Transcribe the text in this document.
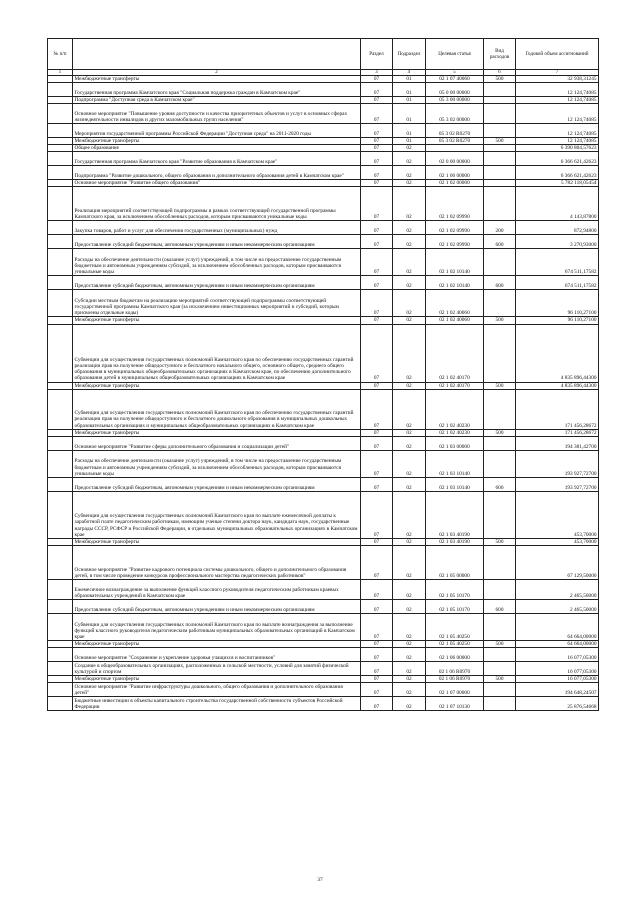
№ п/п		Раздел	Подраздел	Целевая статья	Вид расходов	Годовой объем ассигнований
1	2	3	4	5	6	7
	Межбюджетные трансферты	07	01	02 1 07 40060	500	32 938,31245
	Государственная программа Камчатского края "Социальная поддержка граждан в Камчатском крае"	07	01	05 0 00 00000		12 124,74085
	Подпрограмма "Доступная среда в Камчатском крае"	07	01	05 3 00 00000		12 124,74085
	Основное мероприятие "Повышение уровня доступности и качества приоритетных объектов и услуг в основных сферах жизнедеятельности инвалидов и других маломобильных групп населения"	07	01	05 3 02 00000		12 124,74085
	Мероприятия государственной программы Российской Федерации "Доступная среда" на 2011-2020 годы	07	01	05 3 02 R0270		12 124,74085
	Межбюджетные трансферты	07	01	05 3 02 R0270	500	12 124,74085
	Общее образование	07	02			6 390 804,57623
	Государственная программа Камчатского края "Развитие образования в Камчатском крае"	07	02	02 0 00 00000		6 366 621,42623
	Подпрограмма "Развитие дошкольного, общего образования и дополнительного образования детей в Камчатском крае"	07	02	02 1 00 00000		6 366 621,42623
	Основное мероприятие "Развитие общего образования"	07	02	02 1 02 00000		5 782 118,05454
	Реализация мероприятий соответствующей подпрограммы в рамках соответствующей государственной программы Камчатского края, за исключением обособленных расходов, которым присваиваются уникальные коды	07	02	02 1 02 09990		4 143,87800
	Закупка товаров, работ и услуг для обеспечения государственных (муниципальных) нужд	07	02	02 1 02 09990	200	872,94800
	Предоставление субсидий бюджетным, автономным учреждениям и иным некоммерческим организациям	07	02	02 1 02 09990	600	3 270,93000
	Расходы на обеспечение деятельности (оказание услуг) учреждений, в том числе на предоставление государственным бюджетным и автономным учреждениям субсидий, за исключением обособленных расходов, которым присваиваются уникальные коды	07	02	02 1 02 10140		674 511,17582
	Предоставление субсидий бюджетным, автономным учреждениям и иным некоммерческим организациям	07	02	02 1 02 10140	600	674 511,17582
	Субсидии местным бюджетам на реализацию мероприятий соответствующей подпрограммы соответствующей государственной программы Камчатского края (за исключением инвестиционных мероприятий и субсидий, которым присвоены отдельные коды)	07	02	02 1 02 40060		96 110,27100
	Межбюджетные трансферты	07	02	02 1 02 40060	500	96 110,27100
	Субвенции для осуществления государственных полномочий Камчатского края по обеспечению государственных гарантий реализации прав на получение общедоступного и бесплатного начального общего, основного общего, среднего общего образования в муниципальных общеобразовательных организациях в Камчатском крае, по обеспечению дополнительного образования детей в муниципальных общеобразовательных организациях в Камчатском крае	07	02	02 1 02 40170		4 835 896,44300
	Межбюджетные трансферты	07	02	02 1 02 40170	500	4 835 896,44300
	Субвенции для осуществления государственных полномочий Камчатского края по обеспечению государственных гарантий реализации прав на получение общедоступного и бесплатного дошкольного образования в муниципальных дошкольных образовательных организациях и муниципальных общеобразовательных организациях в Камчатском крае	07	02	02 1 02 40230		171 456,28672
	Межбюджетные трансферты	07	02	02 1 02 40230	500	171 456,28672
	Основное мероприятие "Развитие сферы дополнительного образования и социализации детей"	07	02	02 1 03 00000		194 381,42700
	Расходы на обеспечение деятельности (оказание услуг) учреждений, в том числе на предоставление государственным бюджетным и автономным учреждениям субсидий, за исключением обособленных расходов, которым присваиваются уникальные коды	07	02	02 1 03 10140		193 927,72700
	Предоставление субсидий бюджетным, автономным учреждениям и иным некоммерческим организациям	07	02	02 1 03 10140	600	193 927,72700
	Субвенции для осуществления государственных полномочий Камчатского края по выплате ежемесячной доплаты к заработной плате педагогическим работникам, имеющим ученые степени доктора наук, кандидата наук, государственные награды СССР, РСФСР и Российской Федерации, в отдельных муниципальных образовательных организациях в Камчатском крае	07	02	02 1 03 40190		453,70000
	Межбюджетные трансферты	07	02	02 1 03 40190	500	453,70000
	Основное мероприятие "Развитие кадрового потенциала системы дошкольного, общего и дополнительного образования детей, в том числе проведение конкурсов профессионального мастерства педагогических работников"	07	02	02 1 05 00000		67 129,50000
	Ежемесячное вознаграждение за выполнение функций классного руководителя педагогическим работникам краевых образовательных учреждений в Камчатском крае	07	02	02 1 05 10170		2 465,50000
	Предоставление субсидий бюджетным, автономным учреждениям и иным некоммерческим организациям	07	02	02 1 05 10170	600	2 465,50000
	Субвенции для осуществления государственных полномочий Камчатского края по выплате вознаграждения за выполнение функций классного руководителя педагогическим работникам муниципальных образовательных организаций в Камчатском крае	07	02	02 1 05 40250		64 664,00000
	Межбюджетные трансферты	07	02	02 1 05 40250	500	64 664,00000
	Основное мероприятие "Сохранение и укрепление здоровья учащихся и воспитанников"	07	02	02 1 06 00000		16 077,05300
	Создание в общеобразовательных организациях, расположенных в сельской местности, условий для занятий физической культурой и спортом	07	02	02 1 06 R0970		16 077,05300
	Межбюджетные трансферты	07	02	02 1 06 R0970	500	16 077,05300
	Основное мероприятие "Развитие инфраструктуры дошкольного, общего образования и дополнительного образования детей"	07	02	02 1 07 00000		194 648,24507
	Бюджетные инвестиции в объекты капитального строительства государственной собственности субъектов Российской Федерации	07	02	02 1 07 10130		25 876,54668
37
